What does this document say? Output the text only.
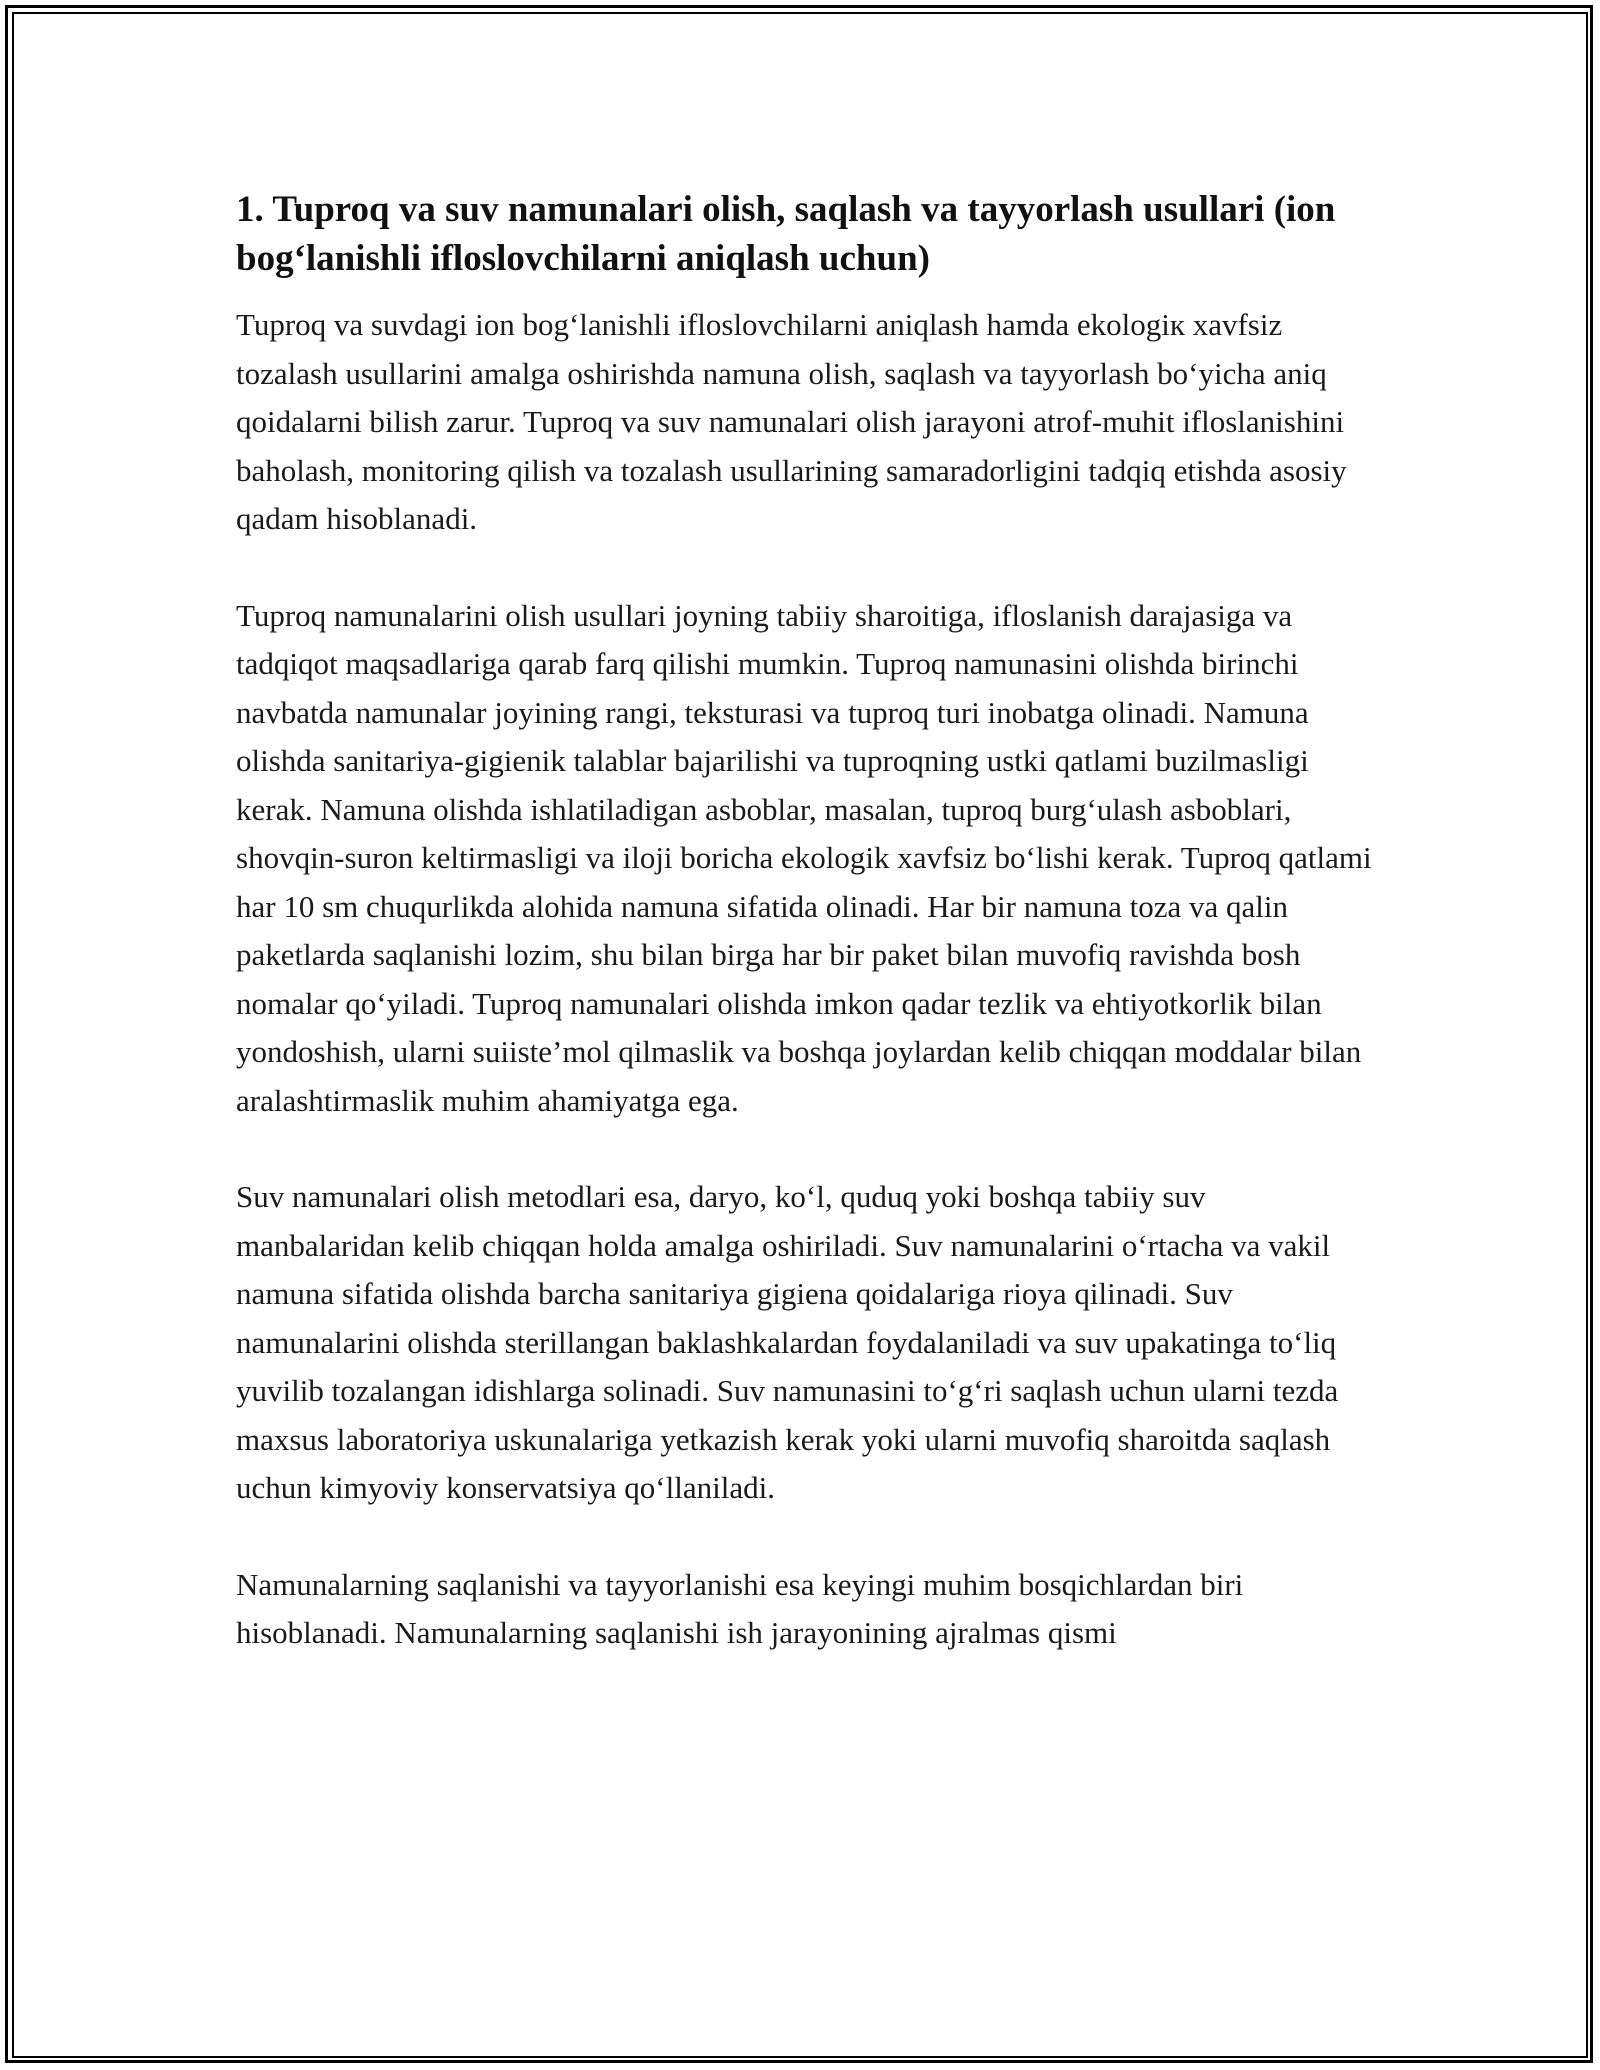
1. Tuproq va suv namunalari olish, saqlash va tayyorlash usullari (ion bog‘lanishli ifloslovchilarni aniqlash uchun)

Tuproq va suvdagi ion bog‘lanishli ifloslovchilarni aniqlash hamda ekologiк xavfsiz tozalash usullarini amalga oshirishda namuna olish, saqlash va tayyorlash bo‘yicha aniq qoidalarni bilish zarur. Tuproq va suv namunalari olish jarayoni atrof-muhit ifloslanishini baholash, monitoring qilish va tozalash usullarining samaradorligini tadqiq etishda asosiy qadam hisoblanadi.

Tuproq namunalarini olish usullari joyning tabiiy sharoitiga, ifloslanish darajasiga va tadqiqot maqsadlariga qarab farq qilishi mumkin. Tuproq namunasini olishda birinchi navbatda namunalar joyining rangi, teksturasi va tuproq turi inobatga olinadi. Namuna olishda sanitariya-gigienik talablar bajarilishi va tuproqning ustki qatlami buzilmasligi kerak. Namuna olishda ishlatiladigan asboblar, masalan, tuproq burg‘ulash asboblari, shovqin-suron keltirmasligi va iloji boricha ekologik xavfsiz bo‘lishi kerak. Tuproq qatlami har 10 sm chuqurlikda alohida namuna sifatida olinadi. Har bir namuna toza va qalin paketlarda saqlanishi lozim, shu bilan birga har bir paket bilan muvofiq ravishda bosh nomalar qo‘yiladi. Tuproq namunalari olishda imkon qadar tezlik va ehtiyotkorlik bilan yondoshish, ularni suiiste’mol qilmaslik va boshqa joylardan kelib chiqqan moddalar bilan aralashtirmaslik muhim ahamiyatga ega.

Suv namunalari olish metodlari esa, daryo, ko‘l, quduq yoki boshqa tabiiy suv manbalaridan kelib chiqqan holda amalga oshiriladi. Suv namunalarini o‘rtacha va vakil namuna sifatida olishda barcha sanitariya gigiena qoidalariga rioya qilinadi. Suv namunalarini olishda sterillangan baklashkalardan foydalaniladi va suv upakatinga to‘liq yuvilib tozalangan idishlarga solinadi. Suv namunasini to‘g‘ri saqlash uchun ularni tezda maxsus laboratoriya uskunalariga yetkazish kerak yoki ularni muvofiq sharoitda saqlash uchun kimyoviy konservatsiya qo‘llaniladi.

Namunalarning saqlanishi va tayyorlanishi esa keyingi muhim bosqichlardan biri hisoblanadi. Namunalarning saqlanishi ish jarayonining ajralmas qismi
